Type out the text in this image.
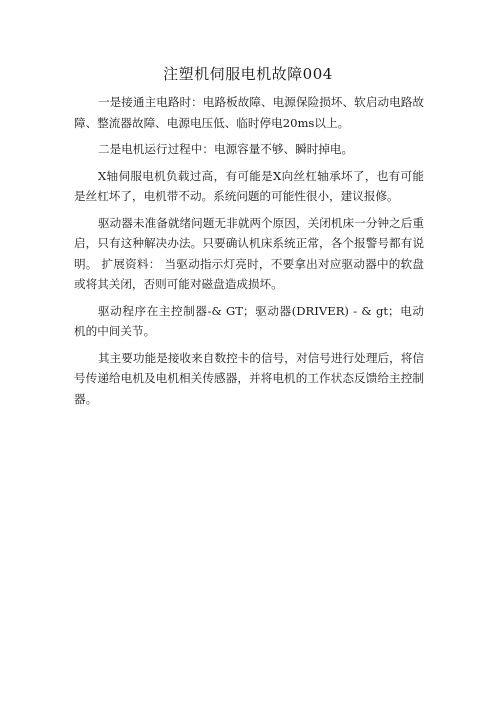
注塑机伺服电机故障004

一是接通主电路时：电路板故障、电源保险损坏、软启动电路故障、整流器故障、电源电压低、临时停电20ms以上。

二是电机运行过程中：电源容量不够、瞬时掉电。

X轴伺服电机负载过高，有可能是X向丝杠轴承坏了，也有可能是丝杠坏了，电机带不动。系统问题的可能性很小，建议报修。

驱动器未准备就绪问题无非就两个原因，关闭机床一分钟之后重启，只有这种解决办法。只要确认机床系统正常，各个报警号都有说明。 扩展资料： 当驱动指示灯亮时，不要拿出对应驱动器中的软盘或将其关闭，否则可能对磁盘造成损坏。

驱动程序在主控制器-& GT；驱动器(DRIVER) - & gt；电动机的中间关节。

其主要功能是接收来自数控卡的信号，对信号进行处理后，将信号传递给电机及电机相关传感器，并将电机的工作状态反馈给主控制器。
